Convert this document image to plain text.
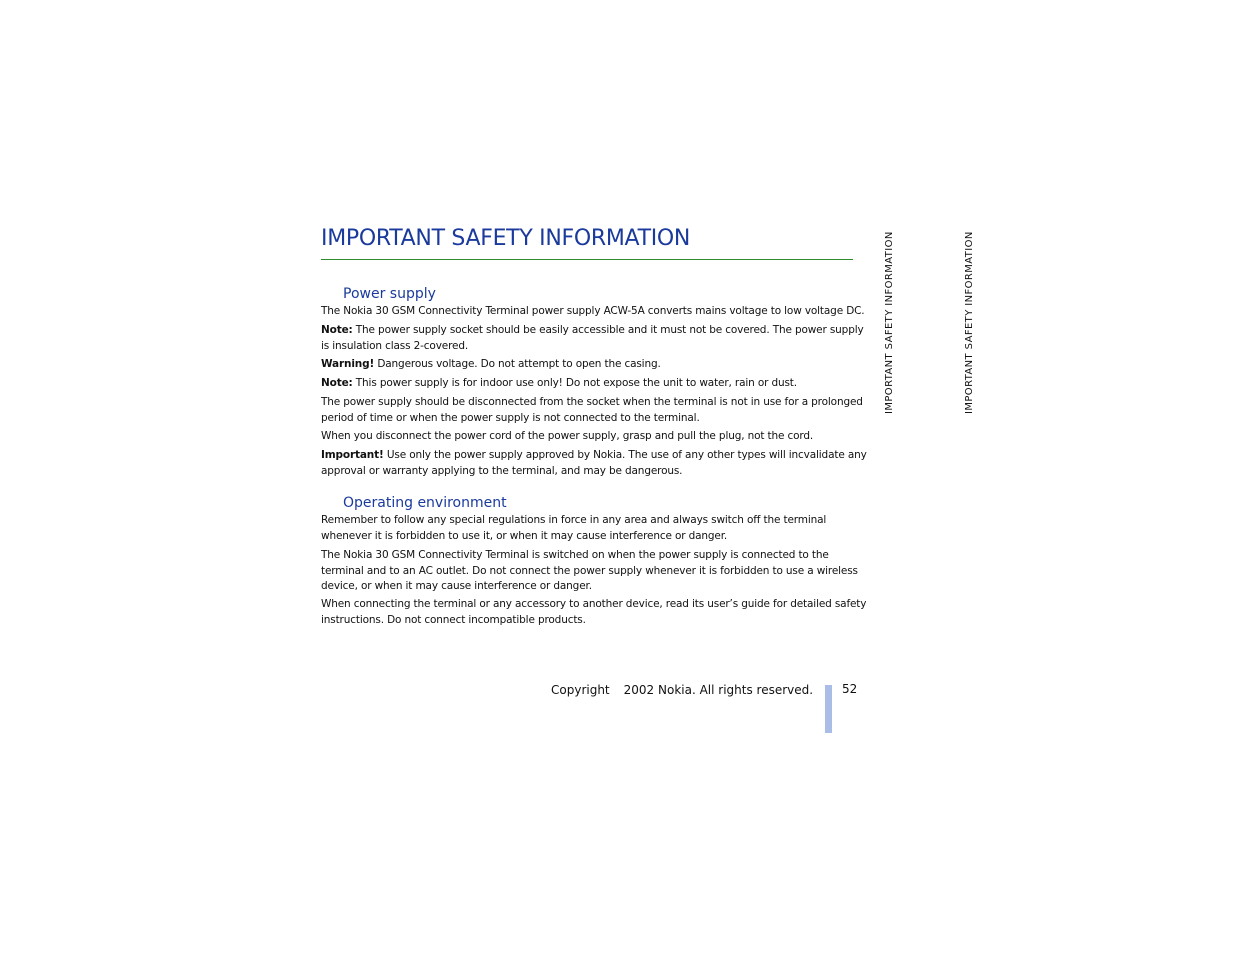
IMPORTANT SAFETY INFORMATION	IMPORTANT SAFETY INFORMATION	IMPORTANT SAFETY INFORMATION
Power supply
The Nokia 30 GSM Connectivity Terminal power supply ACW-5A converts mains voltage to low voltage DC.
Note: The power supply socket should be easily accessible and it must not be covered. The power supply is insulation class 2-covered.
Warning! Dangerous voltage. Do not attempt to open the casing.
Note: This power supply is for indoor use only! Do not expose the unit to water, rain or dust.
The power supply should be disconnected from the socket when the terminal is not in use for a prolonged period of time or when the power supply is not connected to the terminal.
When you disconnect the power cord of the power supply, grasp and pull the plug, not the cord.
Important! Use only the power supply approved by Nokia. The use of any other types will incvalidate any approval or warranty applying to the terminal, and may be dangerous.
Operating environment
Remember to follow any special regulations in force in any area and always switch off the terminal whenever it is forbidden to use it, or when it may cause interference or danger.
The Nokia 30 GSM Connectivity Terminal is switched on when the power supply is connected to the terminal and to an AC outlet. Do not connect the power supply whenever it is forbidden to use a wireless device, or when it may cause interference or danger.
When connecting the terminal or any accessory to another device, read its user’s guide for detailed safety instructions. Do not connect incompatible products.
Copyright 2002 Nokia. All rights reserved. 52
